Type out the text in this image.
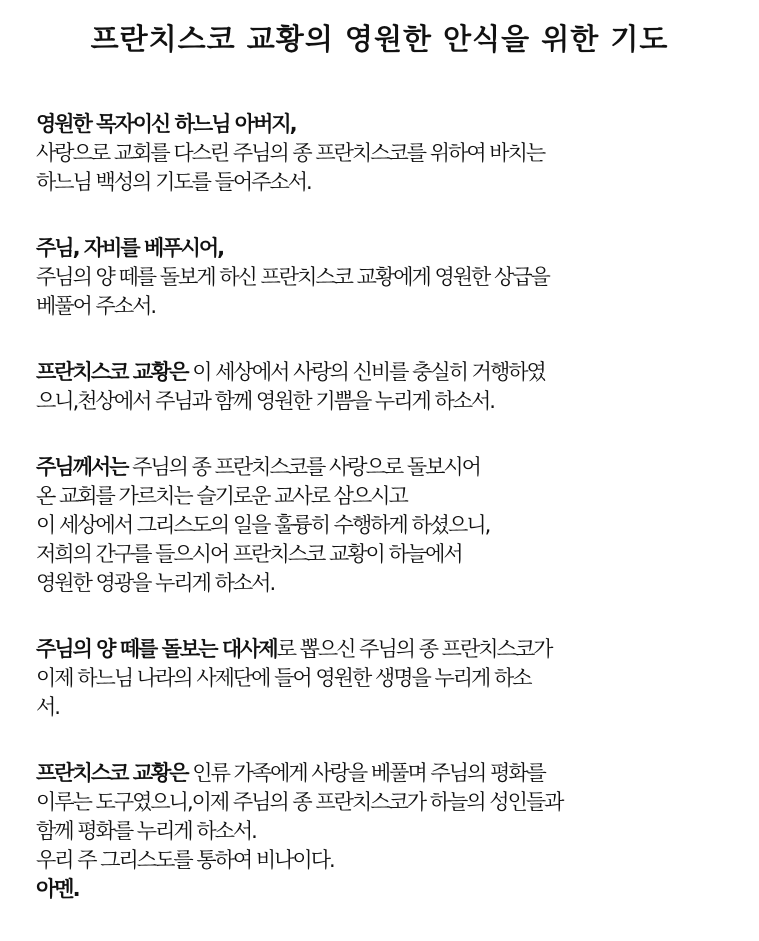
프란치스코 교황의 영원한 안식을 위한 기도
영원한 목자이신 하느님 아버지,
사랑으로 교회를 다스린 주님의 종 프란치스코를 위하여 바치는
하느님 백성의 기도를 들어주소서.
주님, 자비를 베푸시어,
주님의 양 떼를 돌보게 하신 프란치스코 교황에게 영원한 상급을
베풀어 주소서.
프란치스코 교황은 이 세상에서 사랑의 신비를 충실히 거행하였
으니,천상에서 주님과 함께 영원한 기쁨을 누리게 하소서.
주님께서는 주님의 종 프란치스코를 사랑으로 돌보시어
온 교회를 가르치는 슬기로운 교사로 삼으시고
이 세상에서 그리스도의 일을 훌륭히 수행하게 하셨으니,
저희의 간구를 들으시어 프란치스코 교황이 하늘에서
영원한 영광을 누리게 하소서.
주님의 양 떼를 돌보는 대사제로 뽑으신 주님의 종 프란치스코가
이제 하느님 나라의 사제단에 들어 영원한 생명을 누리게 하소
서.
프란치스코 교황은 인류 가족에게 사랑을 베풀며 주님의 평화를
이루는 도구였으니,이제 주님의 종 프란치스코가 하늘의 성인들과
함께 평화를 누리게 하소서.
우리 주 그리스도를 통하여 비나이다.
아멘.
